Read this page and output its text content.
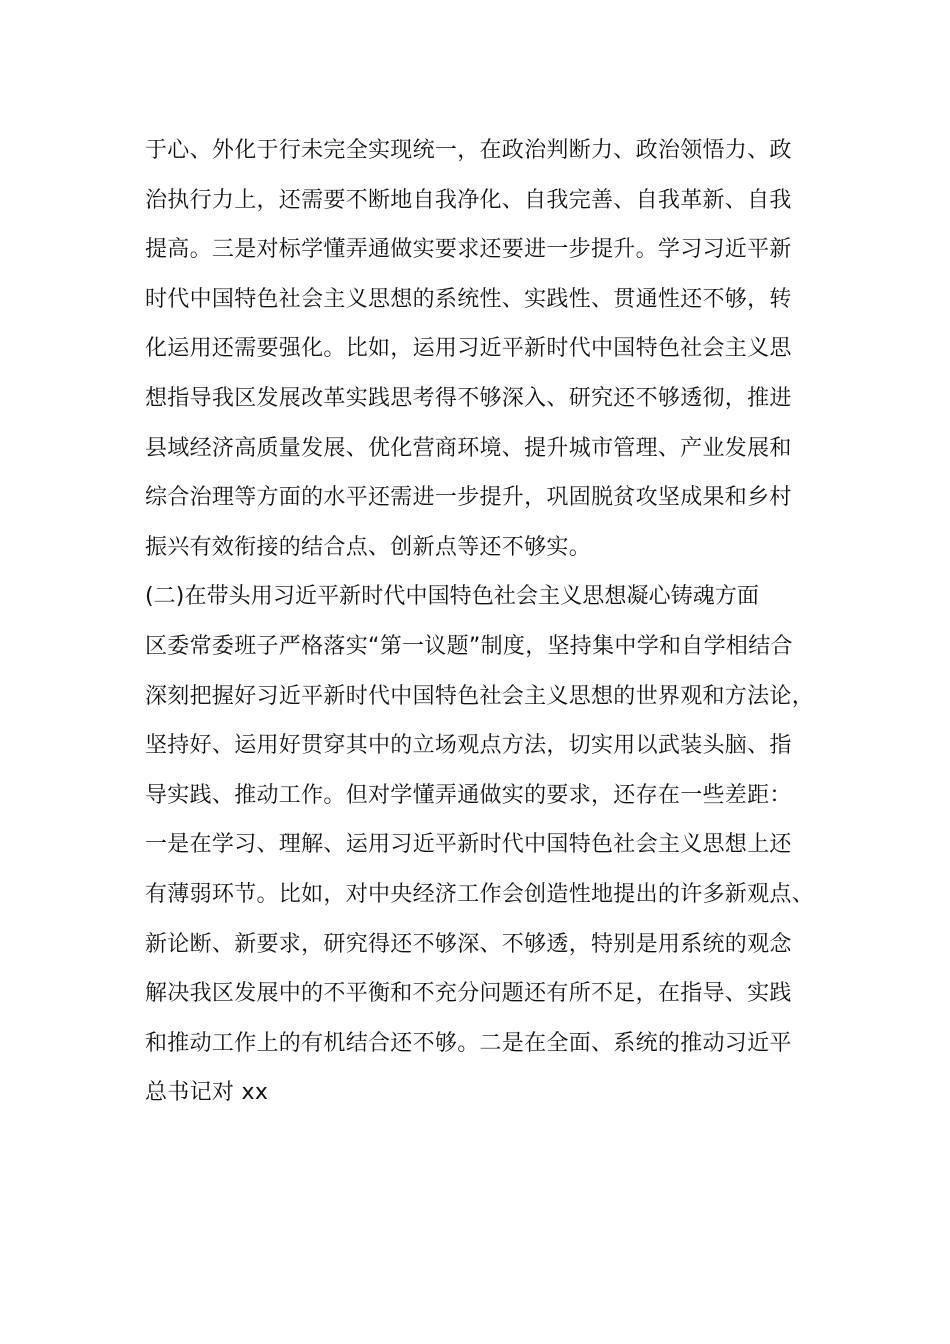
于心、外化于行未完全实现统一，在政治判断力、政治领悟力、政
治执行力上，还需要不断地自我净化、自我完善、自我革新、自我
提高。三是对标学懂弄通做实要求还要进一步提升。学习习近平新
时代中国特色社会主义思想的系统性、实践性、贯通性还不够，转
化运用还需要强化。比如，运用习近平新时代中国特色社会主义思
想指导我区发展改革实践思考得不够深入、研究还不够透彻，推进
县域经济高质量发展、优化营商环境、提升城市管理、产业发展和
综合治理等方面的水平还需进一步提升，巩固脱贫攻坚成果和乡村
振兴有效衔接的结合点、创新点等还不够实。
(二)在带头用习近平新时代中国特色社会主义思想凝心铸魂方面
区委常委班子严格落实“第一议题”制度，坚持集中学和自学相结合
深刻把握好习近平新时代中国特色社会主义思想的世界观和方法论，
坚持好、运用好贯穿其中的立场观点方法，切实用以武装头脑、指
导实践、推动工作。但对学懂弄通做实的要求，还存在一些差距：
一是在学习、理解、运用习近平新时代中国特色社会主义思想上还
有薄弱环节。比如，对中央经济工作会创造性地提出的许多新观点、
新论断、新要求，研究得还不够深、不够透，特别是用系统的观念
解决我区发展中的不平衡和不充分问题还有所不足，在指导、实践
和推动工作上的有机结合还不够。二是在全面、系统的推动习近平
总书记对 xx
